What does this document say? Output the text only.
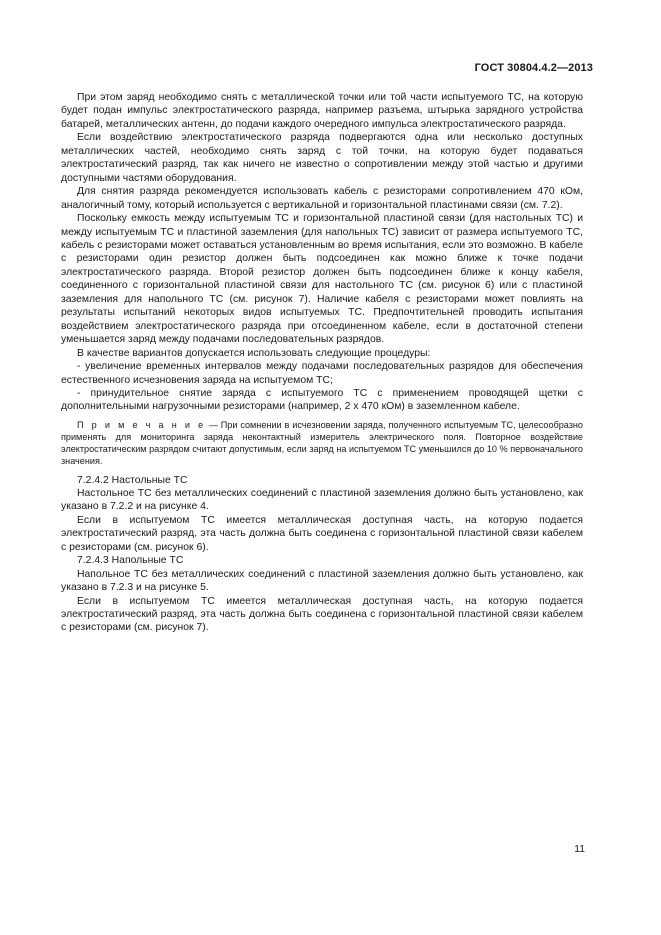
ГОСТ 30804.4.2—2013

При этом заряд необходимо снять с металлической точки или той части испытуемого ТС, на которую будет подан импульс электростатического разряда, например разъема, штырька зарядного устройства батарей, металлических антенн, до подачи каждого очередного импульса электростатического разряда.

Если воздействию электростатического разряда подвергаются одна или несколько доступных металлических частей, необходимо снять заряд с той точки, на которую будет подаваться электростатический разряд, так как ничего не известно о сопротивлении между этой частью и другими доступными частями оборудования.

Для снятия разряда рекомендуется использовать кабель с резисторами сопротивлением 470 кОм, аналогичный тому, который используется с вертикальной и горизонтальной пластинами связи (см. 7.2).

Поскольку емкость между испытуемым ТС и горизонтальной пластиной связи (для настольных ТС) и между испытуемым ТС и пластиной заземления (для напольных ТС) зависит от размера испытуемого ТС, кабель с резисторами может оставаться установленным во время испытания, если это возможно. В кабеле с резисторами один резистор должен быть подсоединен как можно ближе к точке подачи электростатического разряда. Второй резистор должен быть подсоединен ближе к концу кабеля, соединенного с горизонтальной пластиной связи для настольного ТС (см. рисунок 6) или с пластиной заземления для напольного ТС (см. рисунок 7). Наличие кабеля с резисторами может повлиять на результаты испытаний некоторых видов испытуемых ТС. Предпочтительней проводить испытания воздействием электростатического разряда при отсоединенном кабеле, если в достаточной степени уменьшается заряд между подачами последовательных разрядов.

В качестве вариантов допускается использовать следующие процедуры:

- увеличение временных интервалов между подачами последовательных разрядов для обеспечения естественного исчезновения заряда на испытуемом ТС;

- принудительное снятие заряда с испытуемого ТС с применением проводящей щетки с дополнительными нагрузочными резисторами (например, 2 x 470 кОм) в заземленном кабеле.

П р и м е ч а н и е — При сомнении в исчезновении заряда, полученного испытуемым ТС, целесообразно применять для мониторинга заряда неконтактный измеритель электрического поля. Повторное воздействие электростатическим разрядом считают допустимым, если заряд на испытуемом ТС уменьшился до 10 % первоначального значения.

7.2.4.2 Настольные ТС

Настольное ТС без металлических соединений с пластиной заземления должно быть установлено, как указано в 7.2.2 и на рисунке 4.

Если в испытуемом ТС имеется металлическая доступная часть, на которую подается электростатический разряд, эта часть должна быть соединена с горизонтальной пластиной связи кабелем с резисторами (см. рисунок 6).

7.2.4.3 Напольные ТС

Напольное ТС без металлических соединений с пластиной заземления должно быть установлено, как указано в 7.2.3 и на рисунке 5.

Если в испытуемом ТС имеется металлическая доступная часть, на которую подается электростатический разряд, эта часть должна быть соединена с горизонтальной пластиной связи кабелем с резисторами (см. рисунок 7).

11
